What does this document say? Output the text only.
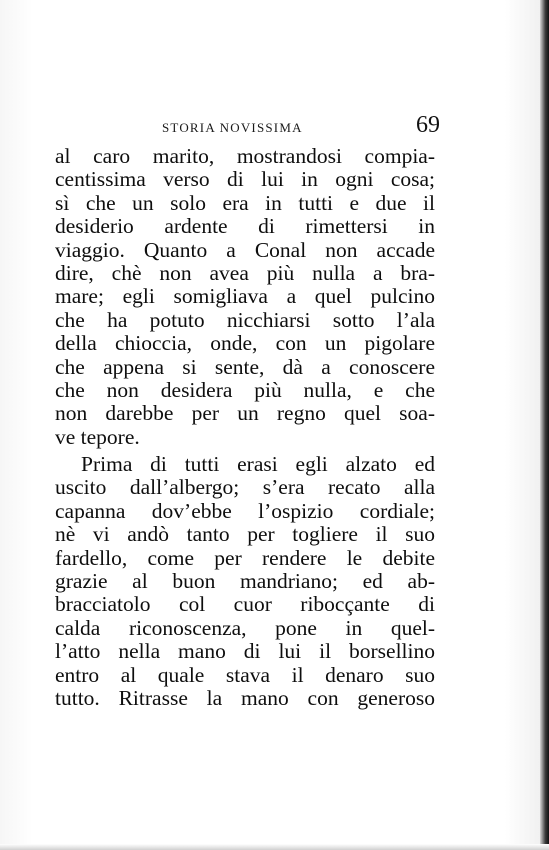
STORIA NOVISSIMA	69

al caro marito, mostrandosi compia-
centissima verso di lui in ogni cosa;
sì che un solo era in tutti e due il
desiderio ardente di rimettersi in
viaggio. Quanto a Conal non accade
dire, chè non avea più nulla a bra-
mare; egli somigliava a quel pulcino
che ha potuto nicchiarsi sotto l’ala
della chioccia, onde, con un pigolare
che appena si sente, dà a conoscere
che non desidera più nulla, e che
non darebbe per un regno quel soa-
ve tepore.

Prima di tutti erasi egli alzato ed
uscito dall’albergo; s’era recato alla
capanna dov’ebbe l’ospizio cordiale;
nè vi andò tanto per togliere il suo
fardello, come per rendere le debite
grazie al buon mandriano; ed ab-
bracciatolo col cuor ribocçante di
calda riconoscenza, pone in quel-
l’atto nella mano di lui il borsellino
entro al quale stava il denaro suo
tutto. Ritrasse la mano con generoso
